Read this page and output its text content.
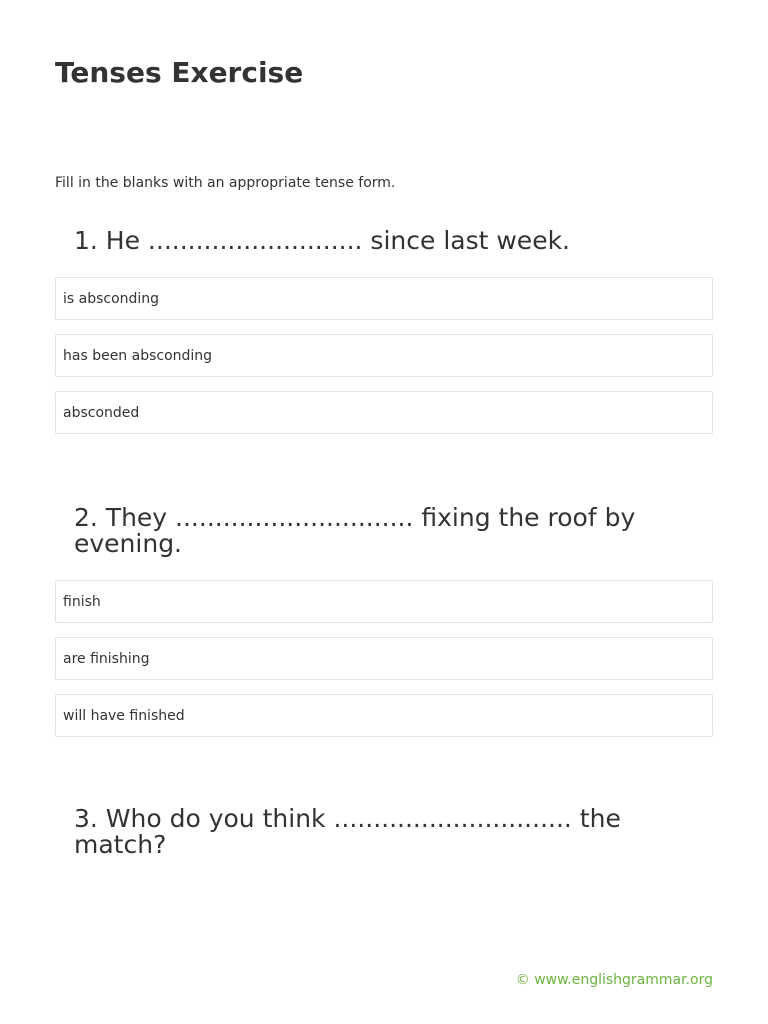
Tenses Exercise

Fill in the blanks with an appropriate tense form.

1. He ........................... since last week.
is absconding
has been absconding
absconded
2. They .............................. fixing the roof by evening.
finish
are finishing
will have finished
3. Who do you think .............................. the match?
© www.englishgrammar.org
